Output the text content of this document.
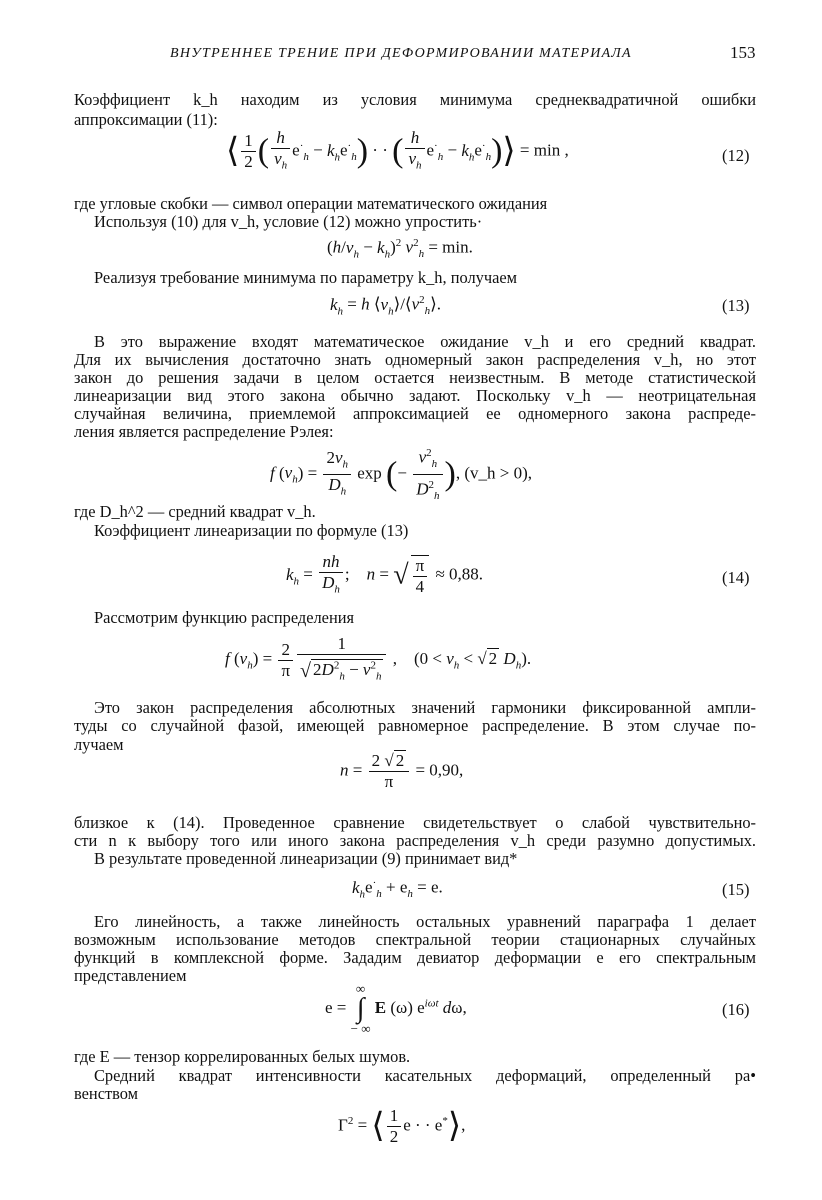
ВНУТРЕННЕЕ ТРЕНИЕ ПРИ ДЕФОРМИРОВАНИИ МАТЕРИАЛА	153
Коэффициент k_h находим из условия минимума среднеквадратичной ошибки
аппроксимации (11):
⟨ $\frac{1}{2}$ ( $\frac{h}{v_h} e^\cdot_h - k_he^\cdot_h$) · · ( $\frac{h}{v_h} e^\cdot_h$ − $k_he^\cdot_h)⟩ = \min$ ,	(12)
где угловые скобки — символ операции математического ожидания
Используя (10) для v_h, условие (12) можно упростить·
$(h/v_h - k_h)^2$ $v^2_h = \min$.
Реализуя требование минимума по параметру k_h, получаем
$k_h = h$ $⟨v_h⟩/⟨v^2_h⟩$.	(13)
В это выражение входят математическое ожидание v_h и его средний квадрат.
Для их вычисления достаточно знать одномерный закон распределения v_h, но этот
закон до решения задачи в целом остается неизвестным. В методе статистической
линеаризации вид этого закона обычно задают. Поскольку v_h — неотрицательная
случайная величина, приемлемой аппроксимацией ее одномерного закона распреде-
ления является распределение Рэлея:
f $(v_h) = \frac{2v_h}{D_h}$ exp (− $\frac{v^2_h}{D^2_h}$ ), (v_h > 0),
где D_h^2 — средний квадрат v_h.
Коэффициент линеаризации по формуле (13)
$k_h = \frac{nh}{D_h}$ ;    n = √ $\frac{\pi}{4} \approx 0,88$.	(14)
Рассмотрим функцию распределения
f $(v_h) = \frac{2}{\pi} \frac{1}{√ 2D^2_h - v^2_h}$ ,    ($0 < v_h$ < √ 2 $D_h$).
Это закон распределения абсолютных значений гармоники фиксированной ампли-
туды со случайной фазой, имеющей равномерное распределение. В этом случае по-
лучаем
$n = \frac{2 √ 2}{\pi} = 0,90$,
близкое к (14). Проведенное сравнение свидетельствует о слабой чувствительно-
сти n к выбору того или иного закона распределения v_h среди разумно допустимых.
В результате проведенной линеаризации (9) принимает вид*
$k_he^\cdot_h + e_h = e$.	(15)
Его линейность, а также линейность остальных уравнений параграфа 1 делает
возможным использование методов спектральной теории стационарных случайных
функций в комплексной форме. Зададим девиатор деформации e его спектральным
представлением
e = ∞
∫
− ∞ E (ω) $e^{i\omega t}$ dω,	(16)
где E — тензор коррелированных белых шумов.
Средний квадрат интенсивности касательных деформаций, определенный ра•
венством
$\Gamma^2$ = ⟨ $\frac{1}{2}$ e · · e*⟩,
